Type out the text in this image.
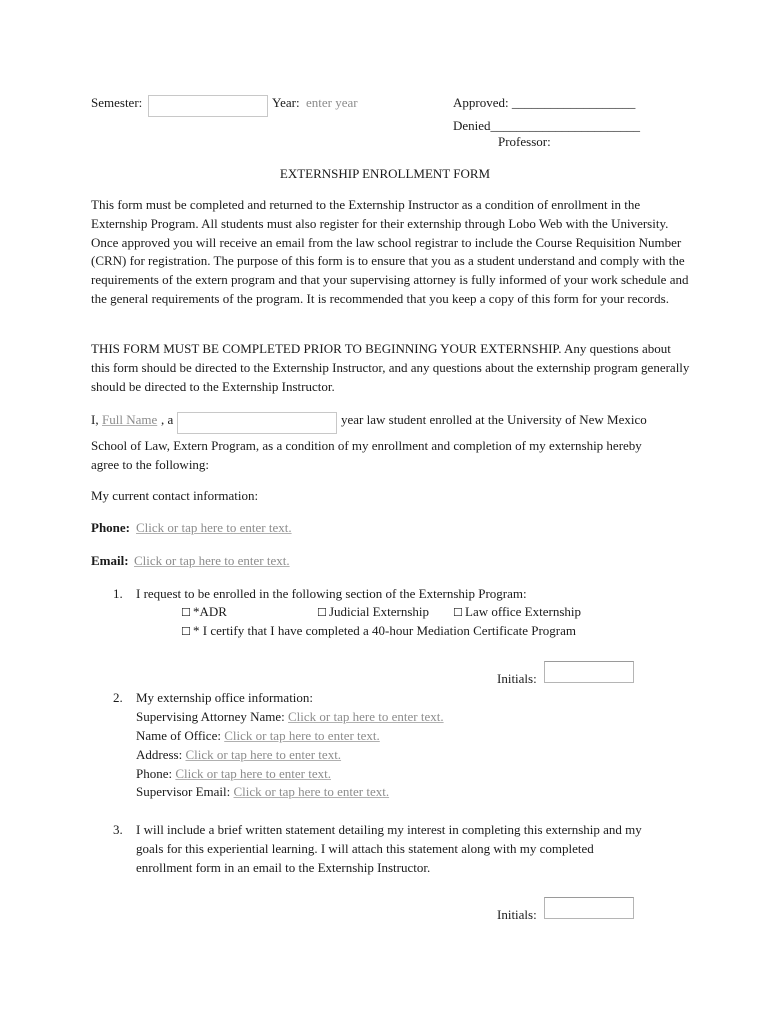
Semester:	Year: enter year	Approved: ___________________
Denied_______________________
Professor:
EXTERNSHIP ENROLLMENT FORM

This form must be completed and returned to the Externship Instructor as a condition of enrollment in the Externship Program. All students must also register for their externship through Lobo Web with the University. Once approved you will receive an email from the law school registrar to include the Course Requisition Number (CRN) for registration. The purpose of this form is to ensure that you as a student understand and comply with the requirements of the extern program and that your supervising attorney is fully informed of your work schedule and the general requirements of the program. It is recommended that you keep a copy of this form for your records.

THIS FORM MUST BE COMPLETED PRIOR TO BEGINNING YOUR EXTERNSHIP. Any questions about this form should be directed to the Externship Instructor, and any questions about the externship program generally should be directed to the Externship Instructor.

I, Full Name , a	year law student enrolled at the University of New Mexico
School of Law, Extern Program, as a condition of my enrollment and completion of my externship hereby
agree to the following:
My current contact information:
Phone: Click or tap here to enter text.
Email: Click or tap here to enter text.
1. I request to be enrolled in the following section of the Externship Program:
☐ *ADR	☐ Judicial Externship ☐ Law office Externship
☐ * I certify that I have completed a 40-hour Mediation Certificate Program
Initials:
2. My externship office information:
Supervising Attorney Name: Click or tap here to enter text.
Name of Office: Click or tap here to enter text.
Address: Click or tap here to enter text.
Phone: Click or tap here to enter text.
Supervisor Email: Click or tap here to enter text.
3. I will include a brief written statement detailing my interest in completing this externship and my
goals for this experiential learning. I will attach this statement along with my completed
enrollment form in an email to the Externship Instructor.
Initials:
